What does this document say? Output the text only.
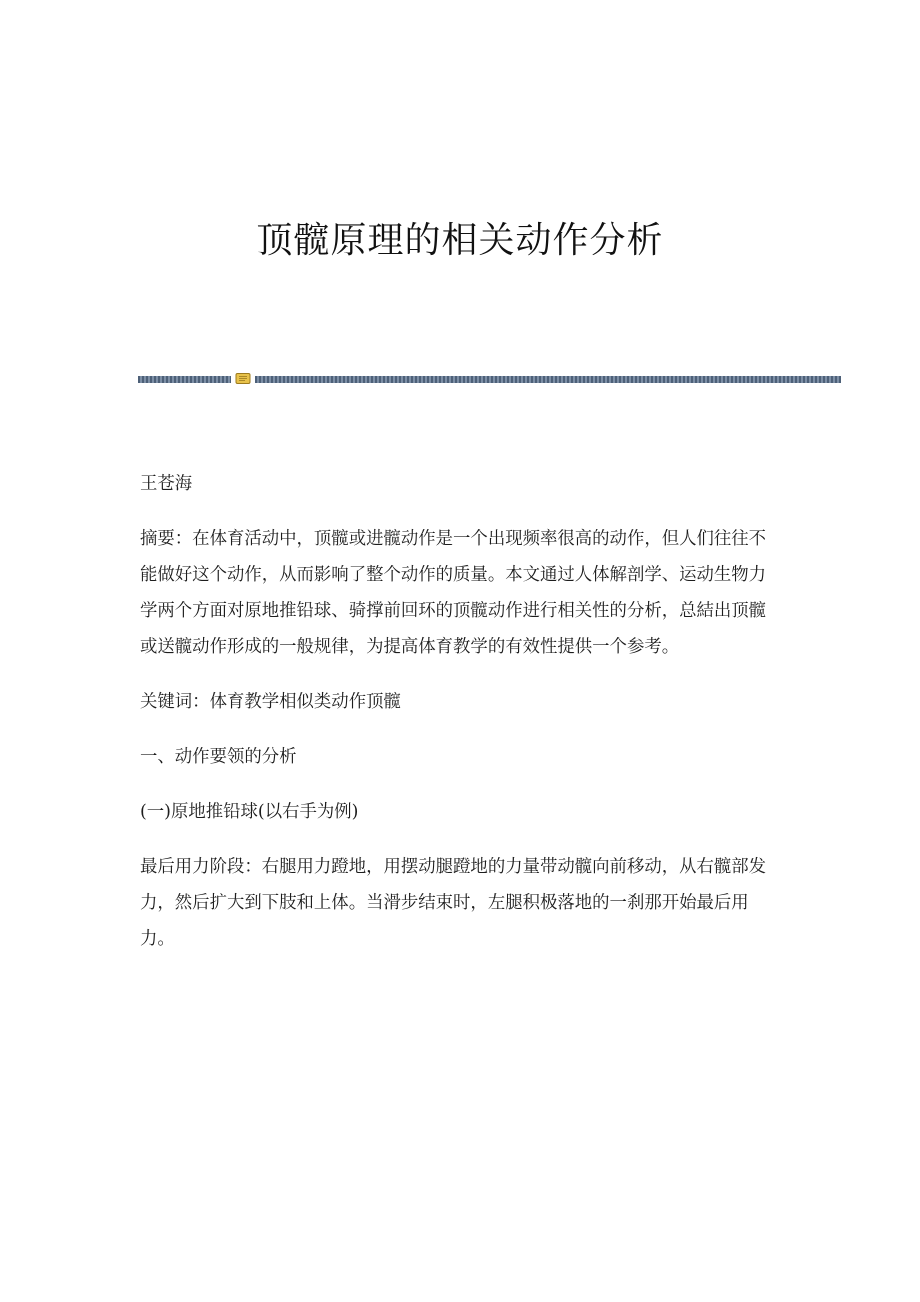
顶髋原理的相关动作分析

王苍海

摘要：在体育活动中，顶髋或进髋动作是一个出现频率很高的动作，但人们往往不能做好这个动作，从而影响了整个动作的质量。本文通过人体解剖学、运动生物力学两个方面对原地推铅球、骑撑前回环的顶髋动作进行相关性的分析，总結出顶髋或送髋动作形成的一般规律，为提高体育教学的有效性提供一个参考。

关键词：体育教学相似类动作顶髋

一、动作要领的分析

(一)原地推铅球(以右手为例)

最后用力阶段：右腿用力蹬地，用摆动腿蹬地的力量带动髋向前移动，从右髋部发力，然后扩大到下肢和上体。当滑步结束时，左腿积极落地的一刹那开始最后用力。
